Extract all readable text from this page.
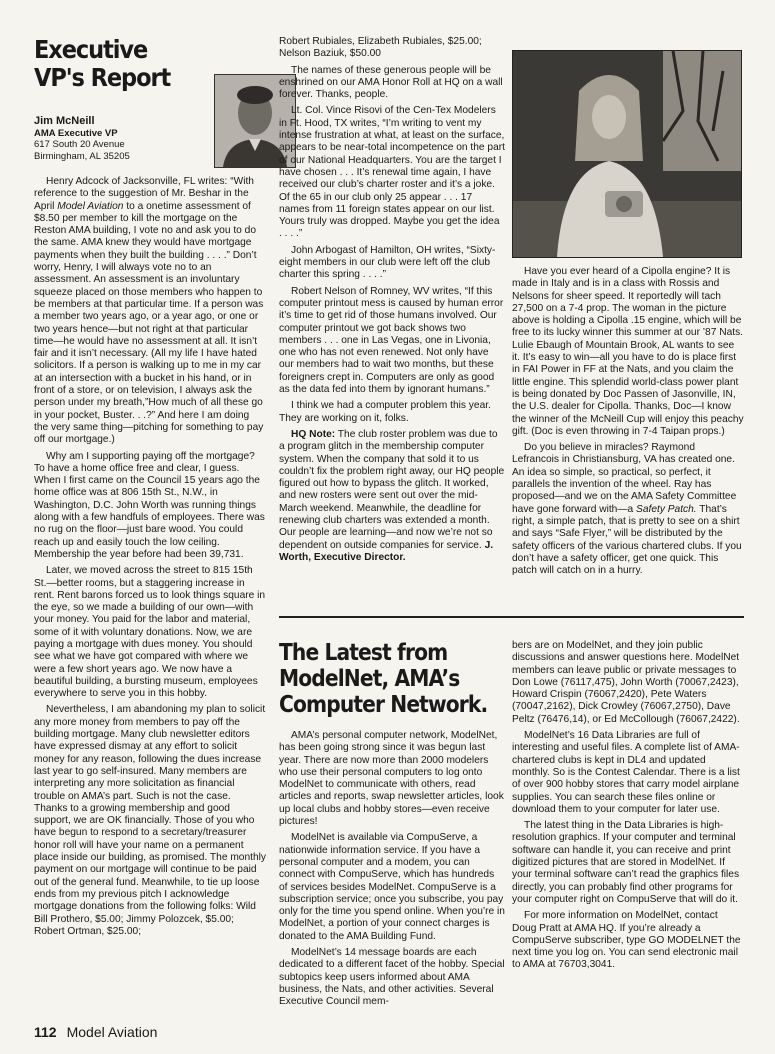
Executive VP's Report
Jim McNeill
AMA Executive VP
617 South 20 Avenue
Birmingham, AL 35205

Henry Adcock of Jacksonville, FL writes: “With reference to the suggestion of Mr. Beshar in the April Model Aviation to a onetime assessment of $8.50 per member to kill the mortgage on the Reston AMA building, I vote no and ask you to do the same. AMA knew they would have mortgage payments when they built the building . . . .” Don’t worry, Henry, I will always vote no to an assessment. An assessment is an involuntary squeeze placed on those members who happen to be members at that particular time. If a person was a member two years ago, or a year ago, or one or two years hence—but not right at that particular time—he would have no assessment at all. It isn’t fair and it isn’t necessary. (All my life I have hated solicitors. If a person is walking up to me in my car at an intersection with a bucket in his hand, or in front of a store, or on television, I always ask the person under my breath,”How much of all these go in your pocket, Buster. . .?” And here I am doing the very same thing—pitching for something to pay off our mortgage.)

Why am I supporting paying off the mortgage? To have a home office free and clear, I guess. When I first came on the Council 15 years ago the home office was at 806 15th St., N.W., in Washington, D.C. John Worth was running things along with a few handfuls of employees. There was no rug on the floor—just bare wood. You could reach up and easily touch the low ceiling. Membership the year before had been 39,731.

Later, we moved across the street to 815 15th St.—better rooms, but a staggering increase in rent. Rent barons forced us to look things square in the eye, so we made a building of our own—with your money. You paid for the labor and material, some of it with voluntary donations. Now, we are paying a mortgage with dues money. You should see what we have got compared with where we were a few short years ago. We now have a beautiful building, a bursting museum, employees everywhere to serve you in this hobby.

Nevertheless, I am abandoning my plan to solicit any more money from members to pay off the building mortgage. Many club newsletter editors have expressed dismay at any effort to solicit money for any reason, following the dues increase last year to go self-insured. Many members are interpreting any more solicitation as financial trouble on AMA’s part. Such is not the case. Thanks to a growing membership and good support, we are OK financially. Those of you who have begun to respond to a secretary/treasurer honor roll will have your name on a permanent place inside our building, as promised. The monthly payment on our mortgage will continue to be paid out of the general fund. Meanwhile, to tie up loose ends from my previous pitch I acknowledge mortgage donations from the following folks: Wild Bill Prothero, $5.00; Jimmy Polozcek, $5.00; Robert Ortman, $25.00;

Robert Rubiales, Elizabeth Rubiales, $25.00; Nelson Baziuk, $50.00

The names of these generous people will be enshrined on our AMA Honor Roll at HQ on a wall forever. Thanks, people.

Lt. Col. Vince Risovi of the Cen-Tex Modelers in Ft. Hood, TX writes, “I’m writing to vent my intense frustration at what, at least on the surface, appears to be near-total incompetence on the part of our National Headquarters. You are the target I have chosen . . . It’s renewal time again, I have received our club’s charter roster and it’s a joke. Of the 65 in our club only 25 appear . . . 17 names from 11 foreign states appear on our list. Yours truly was dropped. Maybe you get the idea . . . .”

John Arbogast of Hamilton, OH writes, “Sixty-eight members in our club were left off the club charter this spring . . . .”

Robert Nelson of Romney, WV writes, “If this computer printout mess is caused by human error it’s time to get rid of those humans involved. Our computer printout we got back shows two members . . . one in Las Vegas, one in Livonia, one who has not even renewed. Not only have our members had to wait two months, but these foreigners crept in. Computers are only as good as the data fed into them by ignorant humans.”

I think we had a computer problem this year. They are working on it, folks.

HQ Note: The club roster problem was due to a program glitch in the membership computer system. When the company that sold it to us couldn’t fix the problem right away, our HQ people figured out how to bypass the glitch. It worked, and new rosters were sent out over the mid-March weekend. Meanwhile, the deadline for renewing club charters was extended a month. Our people are learning—and now we’re not so dependent on outside companies for service. J. Worth, Executive Director.

Have you ever heard of a Cipolla engine? It is made in Italy and is in a class with Rossis and Nelsons for sheer speed. It reportedly will tach 27,500 on a 7-4 prop. The woman in the picture above is holding a Cipolla .15 engine, which will be free to its lucky winner this summer at our ’87 Nats. Lulie Ebaugh of Mountain Brook, AL wants to see it. It’s easy to win—all you have to do is place first in FAI Power in FF at the Nats, and you claim the little engine. This splendid world-class power plant is being donated by Doc Passen of Jasonville, IN, the U.S. dealer for Cipolla. Thanks, Doc—I know the winner of the McNeill Cup will enjoy this peachy gift. (Doc is even throwing in 7-4 Taipan props.)

Do you believe in miracles? Raymond Lefrancois in Christiansburg, VA has created one. An idea so simple, so practical, so perfect, it parallels the invention of the wheel. Ray has proposed—and we on the AMA Safety Committee have gone forward with—a Safety Patch. That’s right, a simple patch, that is pretty to see on a shirt and says “Safe Flyer,” will be distributed by the safety officers of the various chartered clubs. If you don’t have a safety officer, get one quick. This patch will catch on in a hurry.

The Latest from ModelNet, AMA’s Computer Network.

AMA’s personal computer network, ModelNet, has been going strong since it was begun last year. There are now more than 2000 modelers who use their personal computers to log onto ModelNet to communicate with others, read articles and reports, swap newsletter articles, look up local clubs and hobby stores—even receive pictures!

ModelNet is available via CompuServe, a nationwide information service. If you have a personal computer and a modem, you can connect with CompuServe, which has hundreds of services besides ModelNet. CompuServe is a subscription service; once you subscribe, you pay only for the time you spend online. When you’re in ModelNet, a portion of your connect charges is donated to the AMA Building Fund.

ModelNet’s 14 message boards are each dedicated to a different facet of the hobby. Special subtopics keep users informed about AMA business, the Nats, and other activities. Several Executive Council mem-

bers are on ModelNet, and they join public discussions and answer questions here. ModelNet members can leave public or private messages to Don Lowe (76117,475), John Worth (70067,2423), Howard Crispin (76067,2420), Pete Waters (70047,2162), Dick Crowley (76067,2750), Dave Peltz (76476,14), or Ed McCollough (76067,2422).

ModelNet’s 16 Data Libraries are full of interesting and useful files. A complete list of AMA-chartered clubs is kept in DL4 and updated monthly. So is the Contest Calendar. There is a list of over 900 hobby stores that carry model airplane supplies. You can search these files online or download them to your computer for later use.

The latest thing in the Data Libraries is high-resolution graphics. If your computer and terminal software can handle it, you can receive and print digitized pictures that are stored in ModelNet. If your terminal software can’t read the graphics files directly, you can probably find other programs for your computer right on CompuServe that will do it.

For more information on ModelNet, contact Doug Pratt at AMA HQ. If you’re already a CompuServe subscriber, type GO MODELNET the next time you log on. You can send electronic mail to AMA at 76703,3041.

112 Model Aviation
